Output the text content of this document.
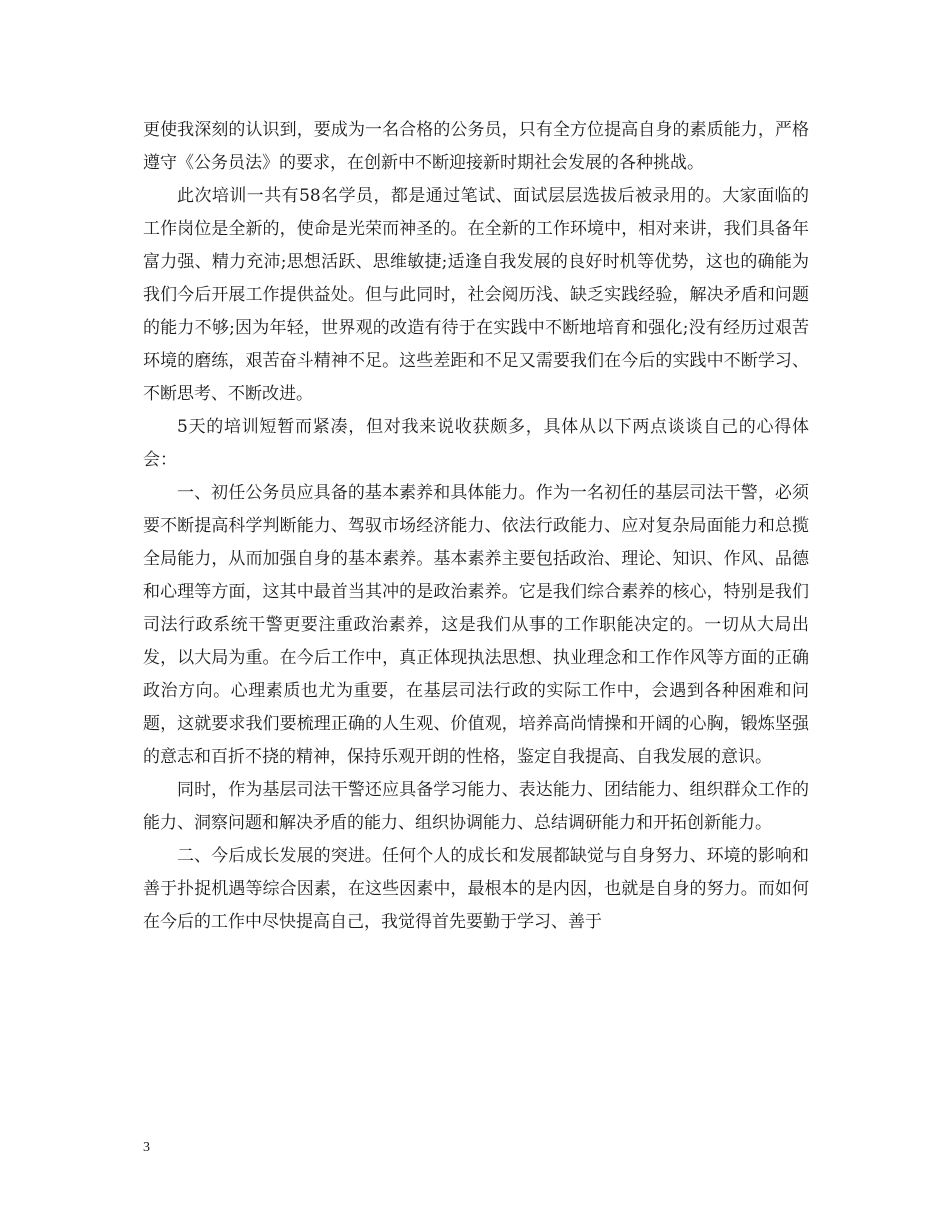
更使我深刻的认识到，要成为一名合格的公务员，只有全方位提高自身的素质能力，严格遵守《公务员法》的要求，在创新中不断迎接新时期社会发展的各种挑战。

此次培训一共有58名学员，都是通过笔试、面试层层选拔后被录用的。大家面临的工作岗位是全新的，使命是光荣而神圣的。在全新的工作环境中，相对来讲，我们具备年富力强、精力充沛;思想活跃、思维敏捷;适逢自我发展的良好时机等优势，这也的确能为我们今后开展工作提供益处。但与此同时，社会阅历浅、缺乏实践经验，解决矛盾和问题的能力不够;因为年轻，世界观的改造有待于在实践中不断地培育和强化;没有经历过艰苦环境的磨练，艰苦奋斗精神不足。这些差距和不足又需要我们在今后的实践中不断学习、不断思考、不断改进。

5天的培训短暂而紧凑，但对我来说收获颇多，具体从以下两点谈谈自己的心得体会：

一、初任公务员应具备的基本素养和具体能力。作为一名初任的基层司法干警，必须要不断提高科学判断能力、驾驭市场经济能力、依法行政能力、应对复杂局面能力和总揽全局能力，从而加强自身的基本素养。基本素养主要包括政治、理论、知识、作风、品德和心理等方面，这其中最首当其冲的是政治素养。它是我们综合素养的核心，特别是我们司法行政系统干警更要注重政治素养，这是我们从事的工作职能决定的。一切从大局出发，以大局为重。在今后工作中，真正体现执法思想、执业理念和工作作风等方面的正确政治方向。心理素质也尤为重要，在基层司法行政的实际工作中，会遇到各种困难和问题，这就要求我们要梳理正确的人生观、价值观，培养高尚情操和开阔的心胸，锻炼坚强的意志和百折不挠的精神，保持乐观开朗的性格，鉴定自我提高、自我发展的意识。

同时，作为基层司法干警还应具备学习能力、表达能力、团结能力、组织群众工作的能力、洞察问题和解决矛盾的能力、组织协调能力、总结调研能力和开拓创新能力。

二、今后成长发展的突进。任何个人的成长和发展都缺觉与自身努力、环境的影响和善于扑捉机遇等综合因素，在这些因素中，最根本的是内因，也就是自身的努力。而如何在今后的工作中尽快提高自己，我觉得首先要勤于学习、善于

3
